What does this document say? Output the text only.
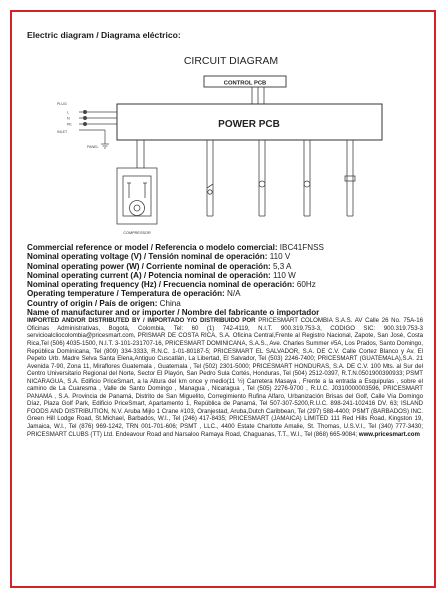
Electric diagram / Diagrama eléctrico:
CIRCUIT DIAGRAM
CONTROL PCB
POWER PCB
PLUG
L
N
PE
INLET
PANEL
COMPRESSOR
Commercial reference or model / Referencia o modelo comercial: IBC41FNSS
Nominal operating voltage (V) / Tensión nominal de operación: 110 V
Nominal operating power (W) / Corriente nominal de operación: 5,3 A
Nominal operating current (A) / Potencia nominal de operación: 110 W
Nominal operating frequency (Hz) / Frecuencia nominal de operación: 60Hz
Operating temperature / Temperatura de operación: N/A
Country of origin / País de origen: China
Name of manufacturer and or importer / Nombre del fabricante o importador
IMPORTED AND/OR DISTRIBUTED BY / IMPORTADO Y/O DISTRIBUIDO POR PRICESMART COLOMBIA S.A.S. AV Calle 26 No. 75A-16 Oficinas Administrativas, Bogotá, Colombia, Tel: 60 (1) 742-4119, N.I.T. 900.319.753-3, CODIGO SIC: 900.319.753-3 servicioalcliocolombia@pricesmart.com, PRISMAR DE COSTA RICA, S.A. Oficina Central,Frente al Registro Nacional, Zapote, San José, Costa Rica,Tel (506) 4035-1500, N.I.T. 3-101-231707-16, PRICESMART DOMINICANA, S.A.S., Ave. Charles Summer #5A, Los Prados, Santo Domingo, República Dominicana, Tel (809) 334-3333, R.N.C. 1-01-80187-5; PRICESMART EL SALVADOR, S.A. DE C.V. Calle Cortez Blanco y Av. El Pepeto Urb. Madre Selva Santa Elena,Antiguo Cuscatlán, La Libertad, El Salvador, Tel (503) 2246-7400; PRICESMART (GUATEMALA),S.A. 21 Avenida 7-90, Zona 11, Miraflores Guatemala , Guatemala , Tel (502) 2301-5000; PRICESMART HONDURAS, S.A. DE C.V. 100 Mts. al Sur del Centro Universitario Regional del Norte, Sector El Playón, San Pedro Sula Cortés, Honduras, Tel (504) 2512-0397, R.T.N.0501900390933; PSMT NICARAGUA, S.A. Edificio PriceSmart, a la Altura del km once y medio(11 ½) Carretera Masaya , Frente a la entrada a Esquipulas , sobre el camino de La Cuaresma , Valle de Santo Domingo , Managua , Nicaragua , Tel (505) 2276-9700 , R.U.C. J0310000003596, PRICESMART PANAMA , S.A. Provincia de Panamá, Distrito de San Miguelito, Corregimiento Rufina Alfaro, Urbanización Brisas del Golf, Calle Vía Domingo Díaz, Plaza Golf Park, Edificio PriceSmart, Apartamento 1, República de Panamá, Tel 507-307-5200,R.U.C. 898-241-102416 DV. 63; ISLAND FOODS AND DISTRIBUTION, N.V. Aruba Mijlo 1 Crane #103, Oranjestad, Aruba,Dutch Caribbean, Tel (297) 588-4400; PSMT (BARBADOS) INC. Green Hill Lodge Road, St.Michael, Barbados, W.I., Tel (246) 417-8435; PRICESMART (JAMAICA) LIMITED 111 Red Hills Road, Kingston 19, Jamaica, W.I., Tel (876) 969-1242, TRN 001-701-606; PSMT , LLC., 4400 Estate Charlotte Amalie, St. Thomas, U.S.V.I., Tel (340) 777-3430; PRICESMART CLUBS (TT) Ltd. Endeavour Road and Narsaloo Ramaya Road, Chaguanas, T.T., W.I., Tel (868) 665-9084; www.pricesmart.com
